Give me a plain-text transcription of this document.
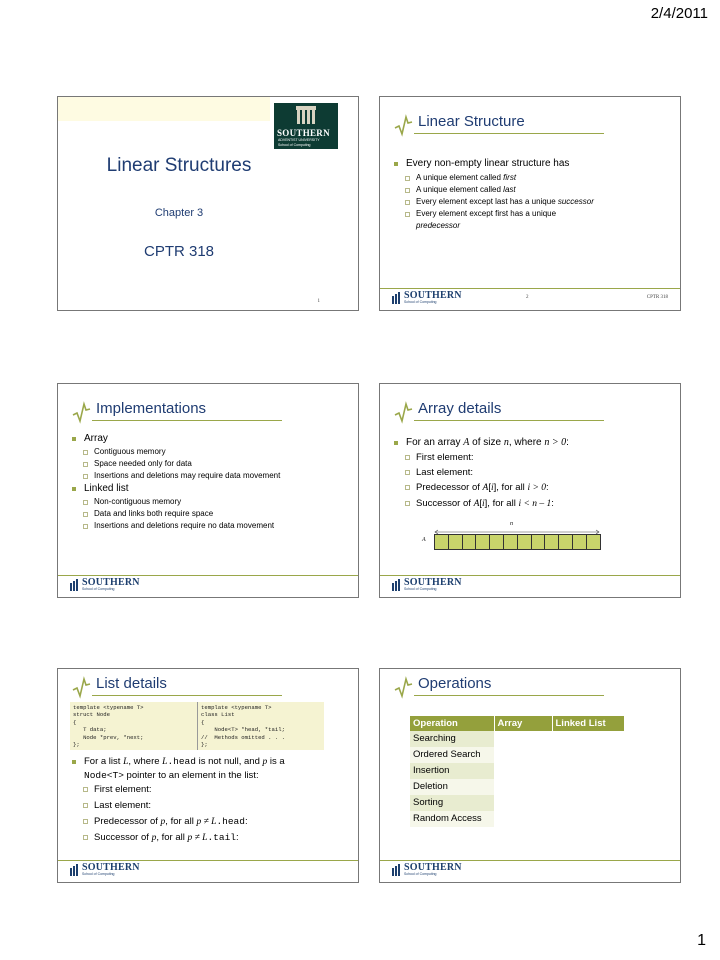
2/4/2011
SOUTHERN
ADVENTIST UNIVERSITY
School of Computing
Linear Structures
Chapter 3
CPTR 318
1
Linear Structure
Every non-empty linear structure has
A unique element called first
A unique element called last
Every element except last has a unique successor
Every element except first has a unique
predecessor
SOUTHERN
School of Computing
2	CPTR 318
Implementations
Array
Contiguous memory
Space needed only for data
Insertions and deletions may require data movement
Linked list
Non-contiguous memory
Data and links both require space
Insertions and deletions require no data movement
SOUTHERN
School of Computing
Array details
For an array A of size n, where n > 0:
First element:
Last element:
Predecessor of A[i], for all i > 0:
Successor of A[i], for all i < n – 1:
n
A
SOUTHERN
School of Computing
List details
template <typename T>
struct Node
{
T data;
Node *prev, *next;
};
template <typename T>
class List
{
Node<T> *head, *tail;
//  Methods omitted . . .
};
For a list L, where L.head is not null, and p is a
Node<T> pointer to an element in the list:
First element:
Last element:
Predecessor of p, for all p ≠ L.head:
Successor of p, for all p ≠ L.tail:
SOUTHERN
School of Computing
Operations
Operation	Array	Linked List
Searching		
Ordered Search		
Insertion		
Deletion		
Sorting		
Random Access		
SOUTHERN
School of Computing
1
